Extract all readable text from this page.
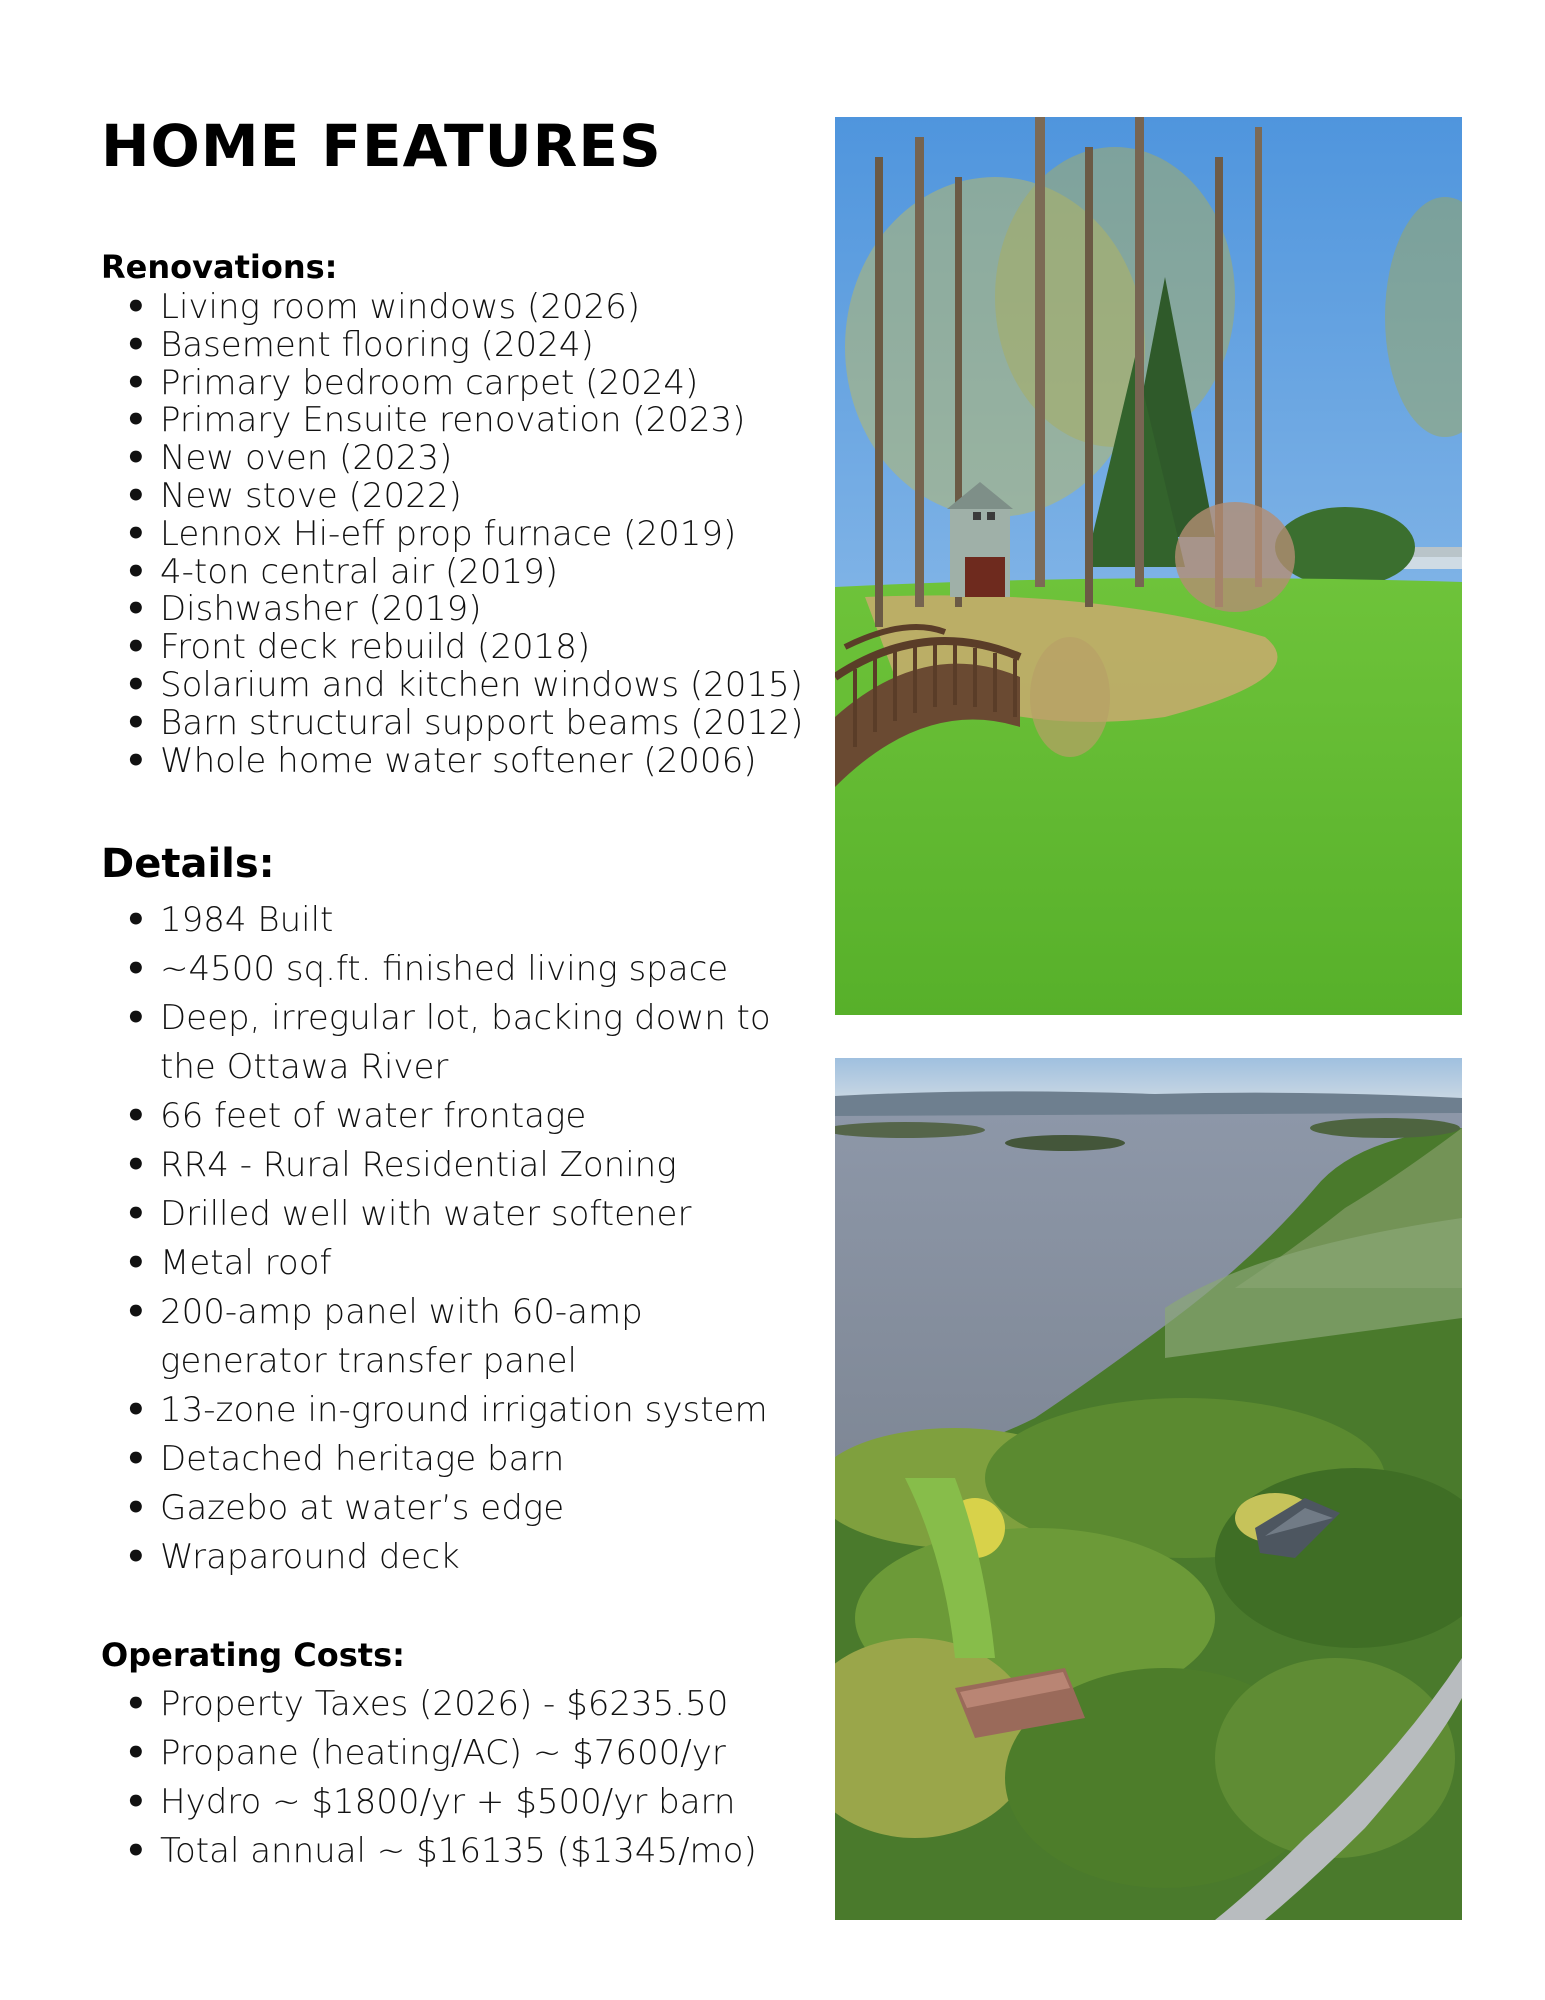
HOME FEATURES
Renovations:
• Living room windows (2026)
• Basement flooring (2024)
• Primary bedroom carpet (2024)
• Primary Ensuite renovation (2023)
• New oven (2023)
• New stove (2022)
• Lennox Hi-eff prop furnace (2019)
• 4-ton central air (2019)
• Dishwasher (2019)
• Front deck rebuild (2018)
• Solarium and kitchen windows (2015)
• Barn structural support beams (2012)
• Whole home water softener (2006)
Details:
• 1984 Built
• ~4500 sq.ft. finished living space
• Deep, irregular lot, backing down to the Ottawa River
• 66 feet of water frontage
• RR4 - Rural Residential Zoning
• Drilled well with water softener
• Metal roof
• 200-amp panel with 60-amp generator transfer panel
• 13-zone in-ground irrigation system
• Detached heritage barn
• Gazebo at water’s edge
• Wraparound deck
Operating Costs:
• Property Taxes (2026) - $6235.50
• Propane (heating/AC) ~ $7600/yr
• Hydro ~ $1800/yr + $500/yr barn
• Total annual ~ $16135 ($1345/mo)
